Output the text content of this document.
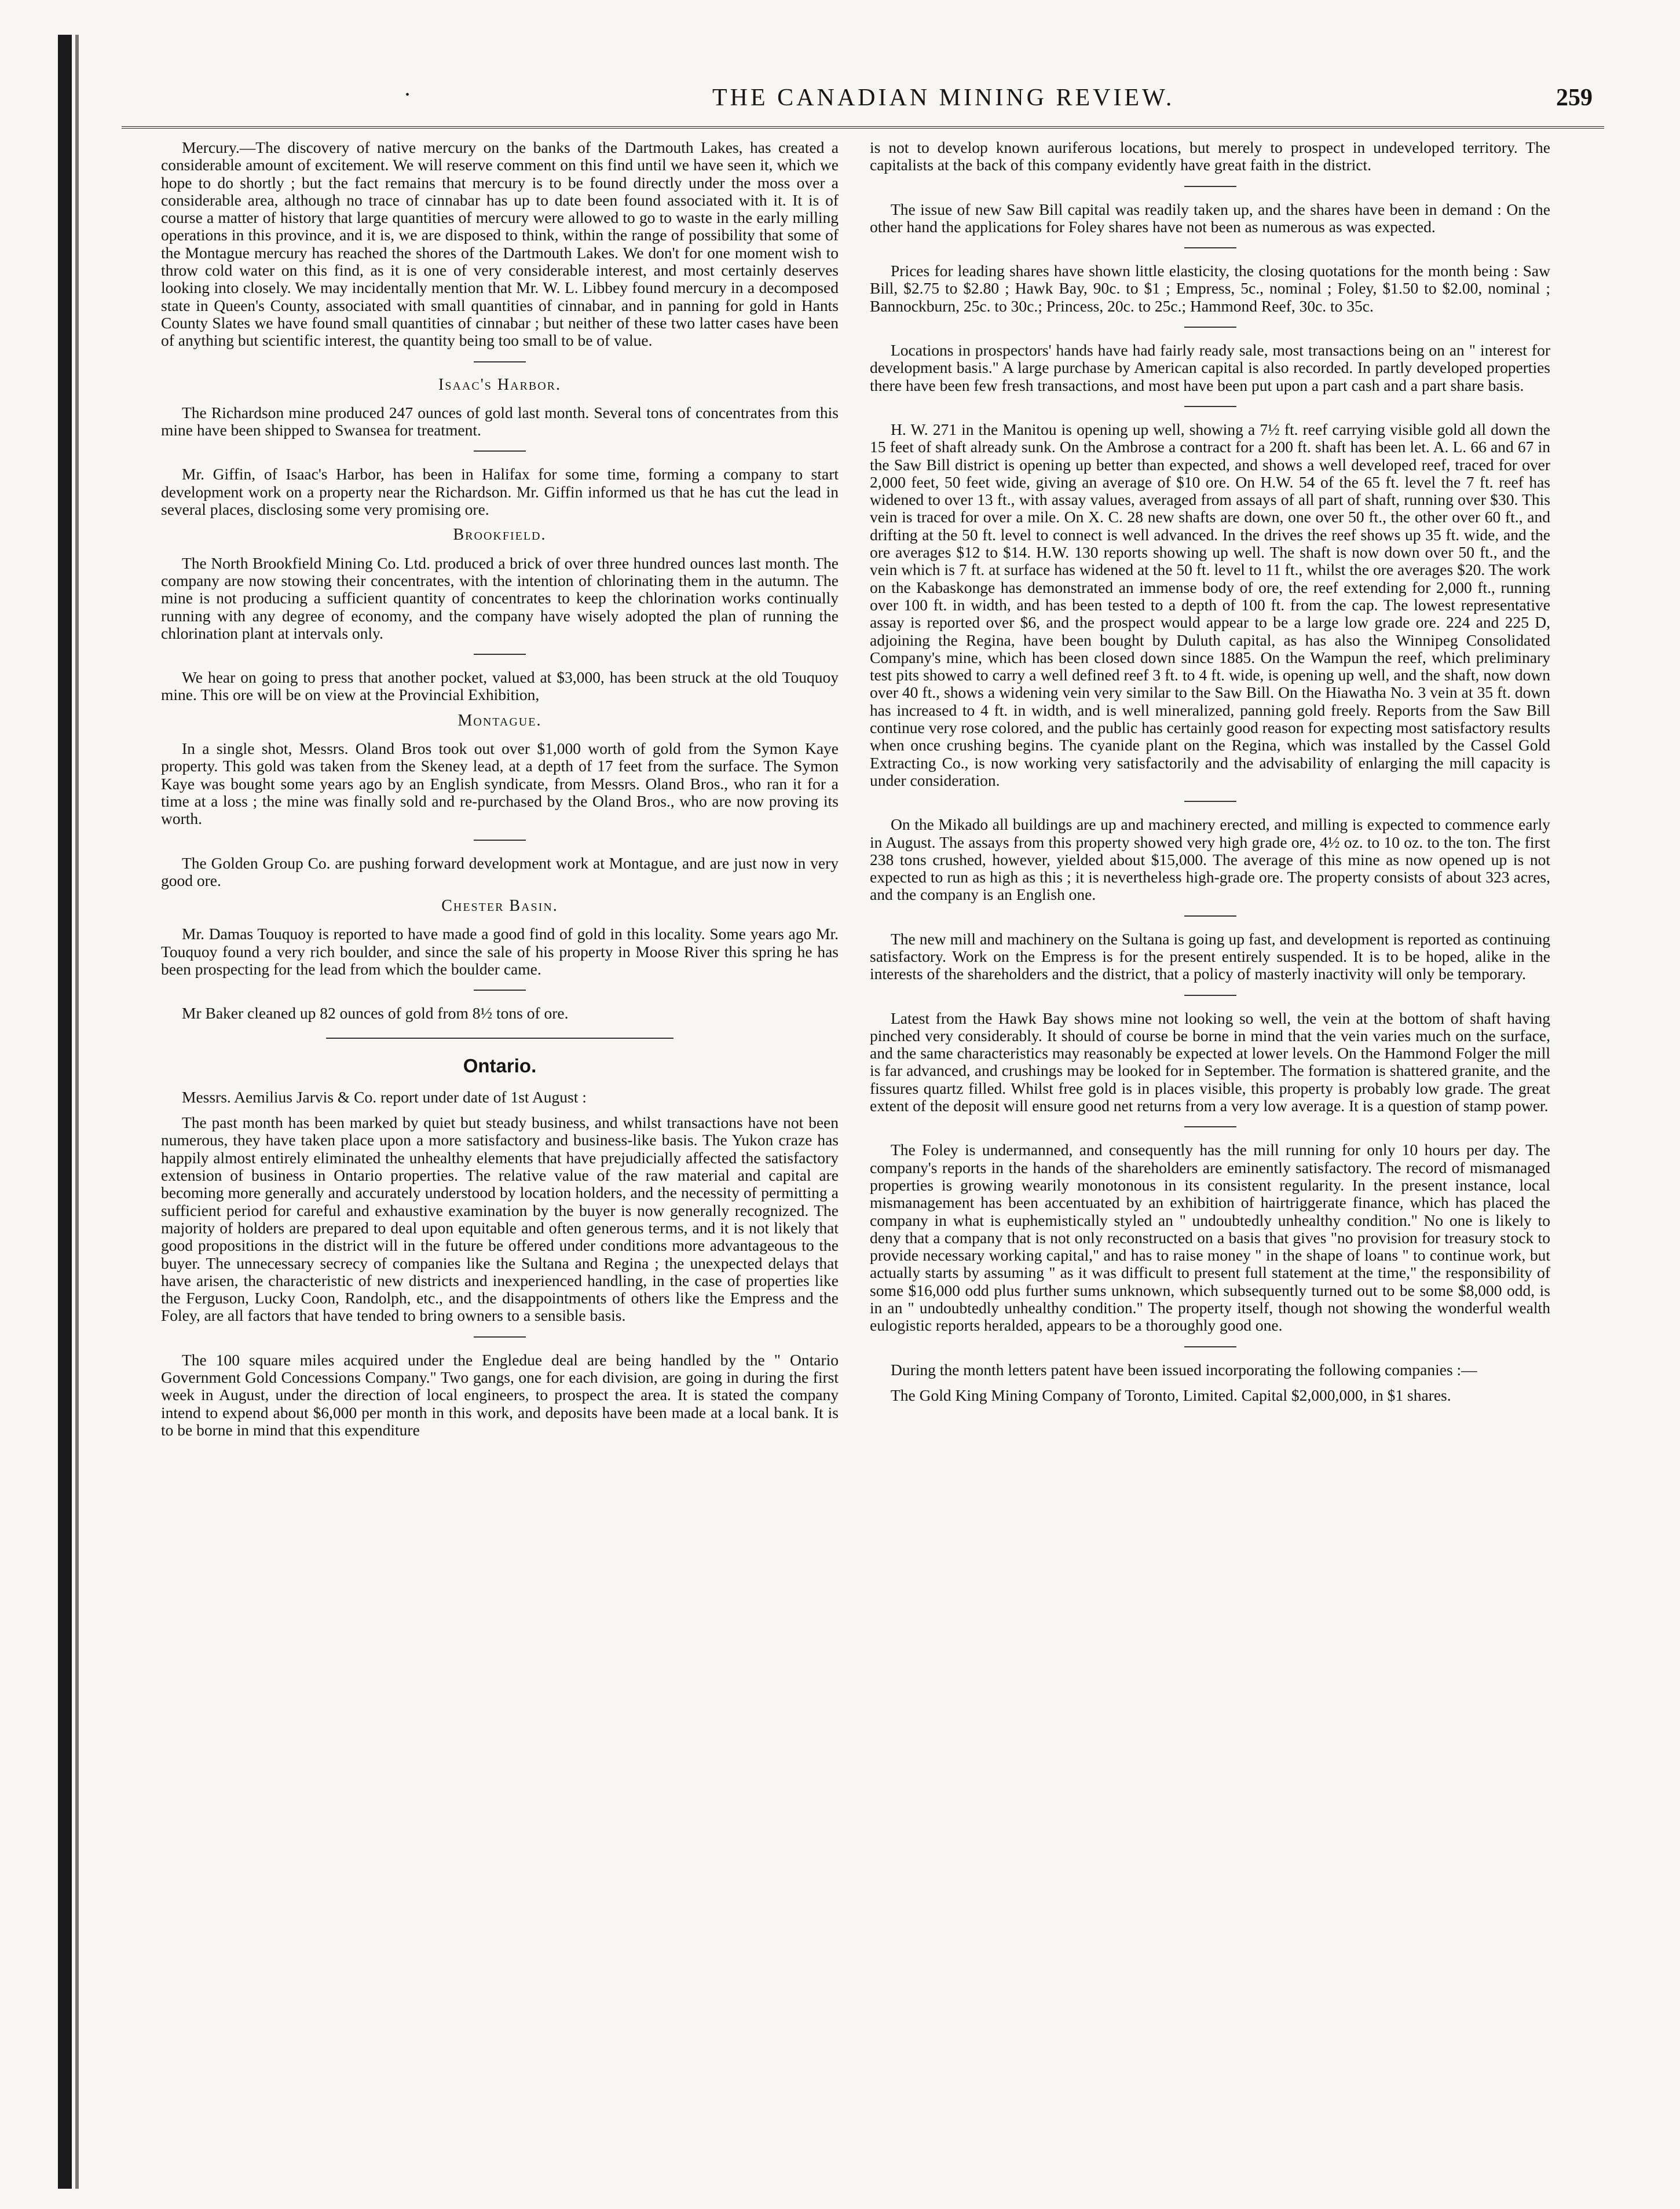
•	THE CANADIAN MINING REVIEW.	259

Mercury.—The discovery of native mercury on the banks of the Dartmouth Lakes, has created a considerable amount of excitement. We will reserve comment on this find until we have seen it, which we hope to do shortly ; but the fact remains that mercury is to be found directly under the moss over a considerable area, although no trace of cinnabar has up to date been found associated with it. It is of course a matter of history that large quantities of mercury were allowed to go to waste in the early milling operations in this province, and it is, we are disposed to think, within the range of possibility that some of the Montague mercury has reached the shores of the Dartmouth Lakes. We don't for one moment wish to throw cold water on this find, as it is one of very considerable interest, and most certainly deserves looking into closely. We may incidentally mention that Mr. W. L. Libbey found mercury in a decomposed state in Queen's County, associated with small quantities of cinnabar, and in panning for gold in Hants County Slates we have found small quantities of cinnabar ; but neither of these two latter cases have been of anything but scientific interest, the quantity being too small to be of value.

Isaac's Harbor.

The Richardson mine produced 247 ounces of gold last month. Several tons of concentrates from this mine have been shipped to Swansea for treatment.

Mr. Giffin, of Isaac's Harbor, has been in Halifax for some time, forming a company to start development work on a property near the Richardson. Mr. Giffin informed us that he has cut the lead in several places, disclosing some very promising ore.

Brookfield.

The North Brookfield Mining Co. Ltd. produced a brick of over three hundred ounces last month. The company are now stowing their concentrates, with the intention of chlorinating them in the autumn. The mine is not producing a sufficient quantity of concentrates to keep the chlorination works continually running with any degree of economy, and the company have wisely adopted the plan of running the chlorination plant at intervals only.

We hear on going to press that another pocket, valued at $3,000, has been struck at the old Touquoy mine. This ore will be on view at the Provincial Exhibition,

Montague.

In a single shot, Messrs. Oland Bros took out over $1,000 worth of gold from the Symon Kaye property. This gold was taken from the Skeney lead, at a depth of 17 feet from the surface. The Symon Kaye was bought some years ago by an English syndicate, from Messrs. Oland Bros., who ran it for a time at a loss ; the mine was finally sold and re-purchased by the Oland Bros., who are now proving its worth.

The Golden Group Co. are pushing forward development work at Montague, and are just now in very good ore.

Chester Basin.

Mr. Damas Touquoy is reported to have made a good find of gold in this locality. Some years ago Mr. Touquoy found a very rich boulder, and since the sale of his property in Moose River this spring he has been prospecting for the lead from which the boulder came.

Mr Baker cleaned up 82 ounces of gold from 8½ tons of ore.

Ontario.

Messrs. Aemilius Jarvis & Co. report under date of 1st August :

The past month has been marked by quiet but steady business, and whilst transactions have not been numerous, they have taken place upon a more satisfactory and business-like basis. The Yukon craze has happily almost entirely eliminated the unhealthy elements that have prejudicially affected the satisfactory extension of business in Ontario properties. The relative value of the raw material and capital are becoming more generally and accurately understood by location holders, and the necessity of permitting a sufficient period for careful and exhaustive examination by the buyer is now generally recognized. The majority of holders are prepared to deal upon equitable and often generous terms, and it is not likely that good propositions in the district will in the future be offered under conditions more advantageous to the buyer. The unnecessary secrecy of companies like the Sultana and Regina ; the unexpected delays that have arisen, the characteristic of new districts and inexperienced handling, in the case of properties like the Ferguson, Lucky Coon, Randolph, etc., and the disappointments of others like the Empress and the Foley, are all factors that have tended to bring owners to a sensible basis.

The 100 square miles acquired under the Engledue deal are being handled by the " Ontario Government Gold Concessions Company." Two gangs, one for each division, are going in during the first week in August, under the direction of local engineers, to prospect the area. It is stated the company intend to expend about $6,000 per month in this work, and deposits have been made at a local bank. It is to be borne in mind that this expenditure

is not to develop known auriferous locations, but merely to prospect in undeveloped territory. The capitalists at the back of this company evidently have great faith in the district.

The issue of new Saw Bill capital was readily taken up, and the shares have been in demand : On the other hand the applications for Foley shares have not been as numerous as was expected.

Prices for leading shares have shown little elasticity, the closing quotations for the month being : Saw Bill, $2.75 to $2.80 ; Hawk Bay, 90c. to $1 ; Empress, 5c., nominal ; Foley, $1.50 to $2.00, nominal ; Bannockburn, 25c. to 30c.; Princess, 20c. to 25c.; Hammond Reef, 30c. to 35c.

Locations in prospectors' hands have had fairly ready sale, most transactions being on an " interest for development basis." A large purchase by American capital is also recorded. In partly developed properties there have been few fresh transactions, and most have been put upon a part cash and a part share basis.

H. W. 271 in the Manitou is opening up well, showing a 7½ ft. reef carrying visible gold all down the 15 feet of shaft already sunk. On the Ambrose a contract for a 200 ft. shaft has been let. A. L. 66 and 67 in the Saw Bill district is opening up better than expected, and shows a well developed reef, traced for over 2,000 feet, 50 feet wide, giving an average of $10 ore. On H.W. 54 of the 65 ft. level the 7 ft. reef has widened to over 13 ft., with assay values, averaged from assays of all part of shaft, running over $30. This vein is traced for over a mile. On X. C. 28 new shafts are down, one over 50 ft., the other over 60 ft., and drifting at the 50 ft. level to connect is well advanced. In the drives the reef shows up 35 ft. wide, and the ore averages $12 to $14. H.W. 130 reports showing up well. The shaft is now down over 50 ft., and the vein which is 7 ft. at surface has widened at the 50 ft. level to 11 ft., whilst the ore averages $20. The work on the Kabaskonge has demonstrated an immense body of ore, the reef extending for 2,000 ft., running over 100 ft. in width, and has been tested to a depth of 100 ft. from the cap. The lowest representative assay is reported over $6, and the prospect would appear to be a large low grade ore. 224 and 225 D, adjoining the Regina, have been bought by Duluth capital, as has also the Winnipeg Consolidated Company's mine, which has been closed down since 1885. On the Wampun the reef, which preliminary test pits showed to carry a well defined reef 3 ft. to 4 ft. wide, is opening up well, and the shaft, now down over 40 ft., shows a widening vein very similar to the Saw Bill. On the Hiawatha No. 3 vein at 35 ft. down has increased to 4 ft. in width, and is well mineralized, panning gold freely. Reports from the Saw Bill continue very rose colored, and the public has certainly good reason for expecting most satisfactory results when once crushing begins. The cyanide plant on the Regina, which was installed by the Cassel Gold Extracting Co., is now working very satisfactorily and the advisability of enlarging the mill capacity is under consideration.

On the Mikado all buildings are up and machinery erected, and milling is expected to commence early in August. The assays from this property showed very high grade ore, 4½ oz. to 10 oz. to the ton. The first 238 tons crushed, however, yielded about $15,000. The average of this mine as now opened up is not expected to run as high as this ; it is nevertheless high-grade ore. The property consists of about 323 acres, and the company is an English one.

The new mill and machinery on the Sultana is going up fast, and development is reported as continuing satisfactory. Work on the Empress is for the present entirely suspended. It is to be hoped, alike in the interests of the shareholders and the district, that a policy of masterly inactivity will only be temporary.

Latest from the Hawk Bay shows mine not looking so well, the vein at the bottom of shaft having pinched very considerably. It should of course be borne in mind that the vein varies much on the surface, and the same characteristics may reasonably be expected at lower levels. On the Hammond Folger the mill is far advanced, and crushings may be looked for in September. The formation is shattered granite, and the fissures quartz filled. Whilst free gold is in places visible, this property is probably low grade. The great extent of the deposit will ensure good net returns from a very low average. It is a question of stamp power.

The Foley is undermanned, and consequently has the mill running for only 10 hours per day. The company's reports in the hands of the shareholders are eminently satisfactory. The record of mismanaged properties is growing wearily monotonous in its consistent regularity. In the present instance, local mismanagement has been accentuated by an exhibition of hairtriggerate finance, which has placed the company in what is euphemistically styled an " undoubtedly unhealthy condition." No one is likely to deny that a company that is not only reconstructed on a basis that gives "no provision for treasury stock to provide necessary working capital," and has to raise money " in the shape of loans " to continue work, but actually starts by assuming " as it was difficult to present full statement at the time," the responsibility of some $16,000 odd plus further sums unknown, which subsequently turned out to be some $8,000 odd, is in an " undoubtedly unhealthy condition." The property itself, though not showing the wonderful wealth eulogistic reports heralded, appears to be a thoroughly good one.

During the month letters patent have been issued incorporating the following companies :—

The Gold King Mining Company of Toronto, Limited. Capital $2,000,000, in $1 shares.
